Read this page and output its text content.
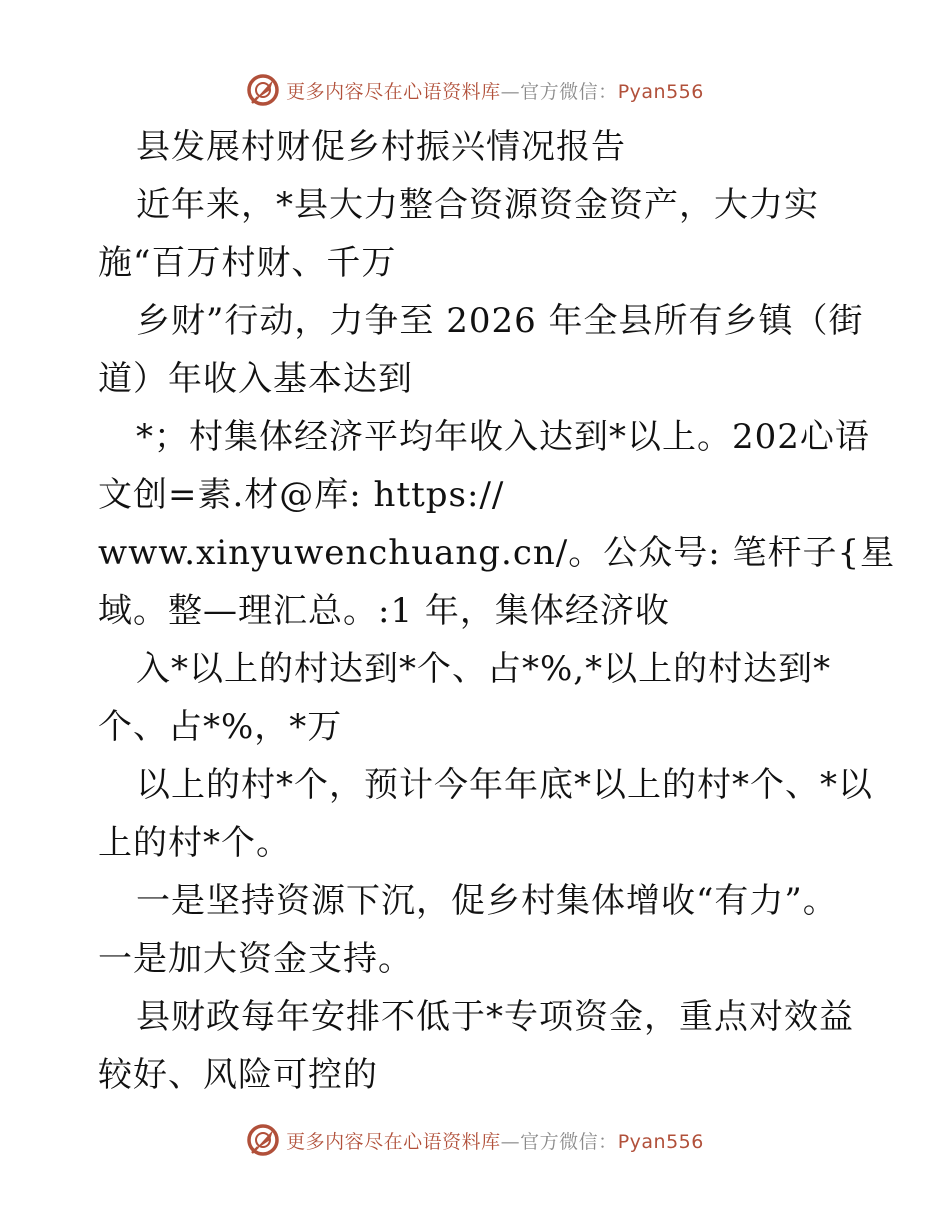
更多内容尽在心语资料库—官方微信：Pyan556
县发展村财促乡村振兴情况报告
近年来，*县大力整合资源资金资产，大力实
施“百万村财、千万
乡财”行动，力争至 2026 年全县所有乡镇（街
道）年收入基本达到
*；村集体经济平均年收入达到*以上。202心语
文创=素.材@库: https://
www.xinyuwenchuang.cn/。公众号: 笔杆子{星
域。整—理汇总。:1 年，集体经济收
入*以上的村达到*个、占*%,*以上的村达到*
个、占*%，*万
以上的村*个，预计今年年底*以上的村*个、*以
上的村*个。
一是坚持资源下沉，促乡村集体增收“有力”。
一是加大资金支持。
县财政每年安排不低于*专项资金，重点对效益
较好、风险可控的
更多内容尽在心语资料库—官方微信：Pyan556
